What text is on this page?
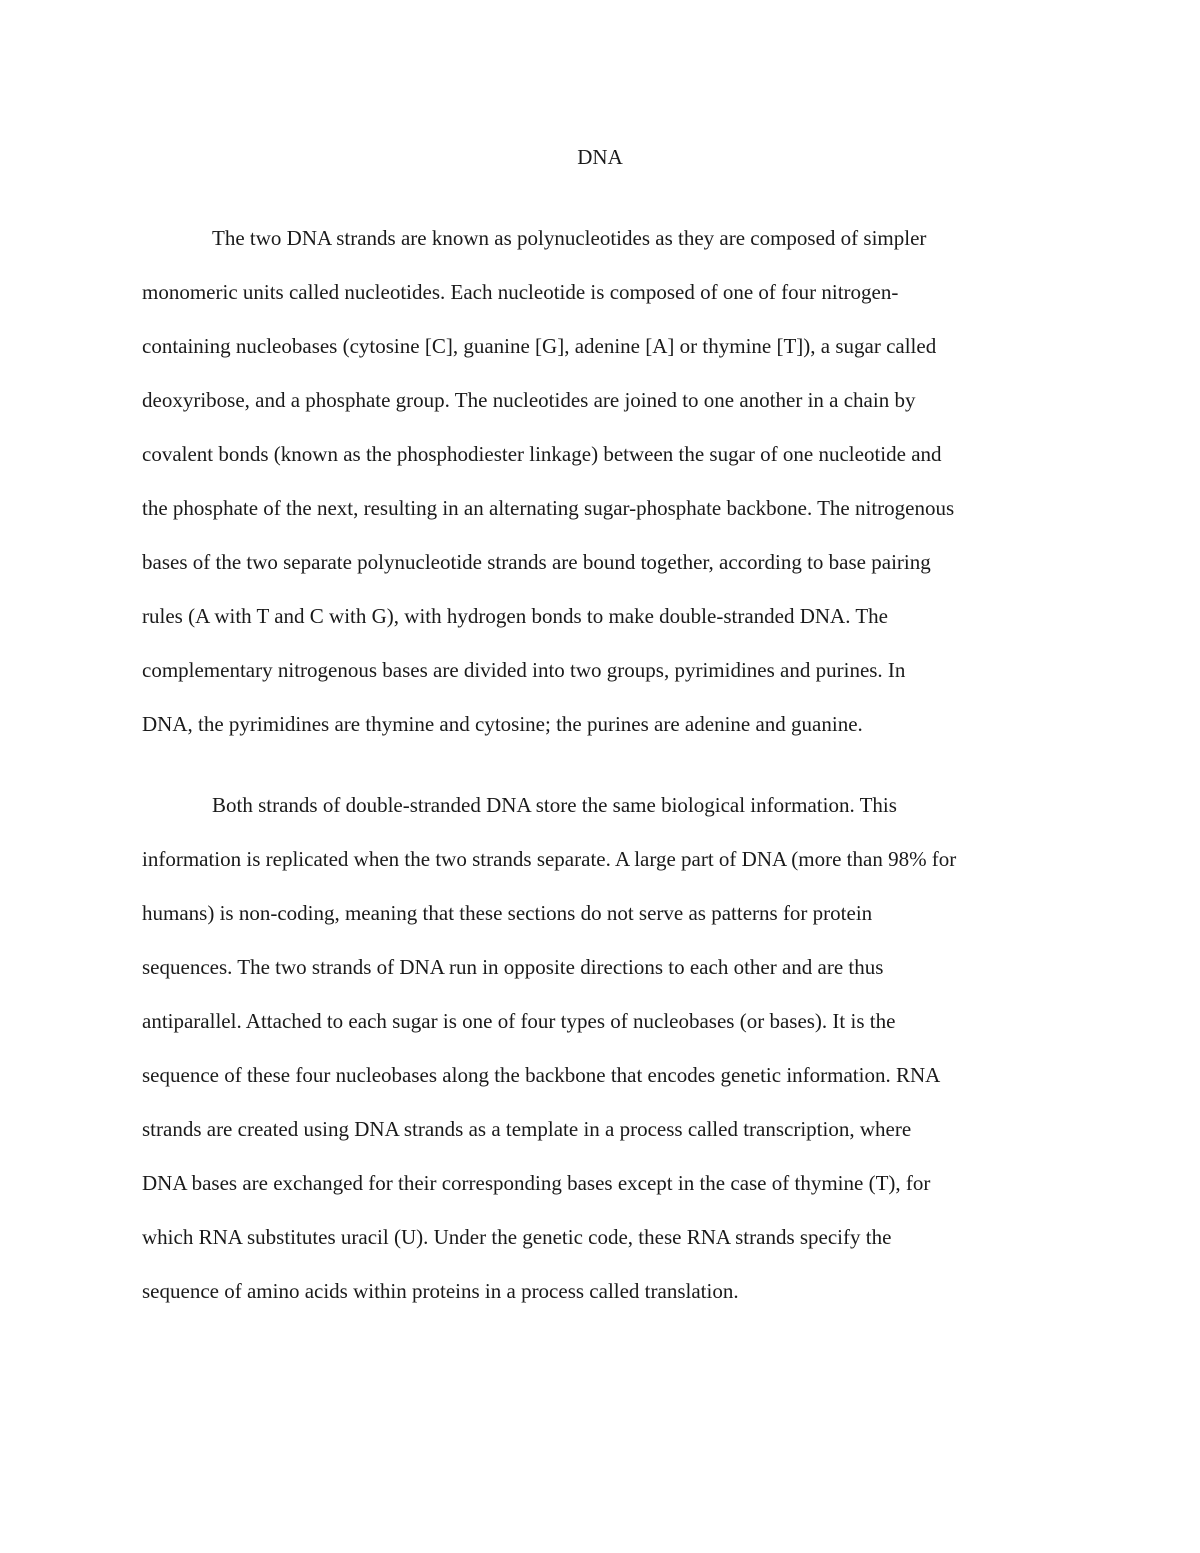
DNA
The two DNA strands are known as polynucleotides as they are composed of simpler
monomeric units called nucleotides. Each nucleotide is composed of one of four nitrogen-
containing nucleobases (cytosine [C], guanine [G], adenine [A] or thymine [T]), a sugar called
deoxyribose, and a phosphate group. The nucleotides are joined to one another in a chain by
covalent bonds (known as the phosphodiester linkage) between the sugar of one nucleotide and
the phosphate of the next, resulting in an alternating sugar-phosphate backbone. The nitrogenous
bases of the two separate polynucleotide strands are bound together, according to base pairing
rules (A with T and C with G), with hydrogen bonds to make double-stranded DNA. The
complementary nitrogenous bases are divided into two groups, pyrimidines and purines. In
DNA, the pyrimidines are thymine and cytosine; the purines are adenine and guanine.
Both strands of double-stranded DNA store the same biological information. This
information is replicated when the two strands separate. A large part of DNA (more than 98% for
humans) is non-coding, meaning that these sections do not serve as patterns for protein
sequences. The two strands of DNA run in opposite directions to each other and are thus
antiparallel. Attached to each sugar is one of four types of nucleobases (or bases). It is the
sequence of these four nucleobases along the backbone that encodes genetic information. RNA
strands are created using DNA strands as a template in a process called transcription, where
DNA bases are exchanged for their corresponding bases except in the case of thymine (T), for
which RNA substitutes uracil (U). Under the genetic code, these RNA strands specify the
sequence of amino acids within proteins in a process called translation.
